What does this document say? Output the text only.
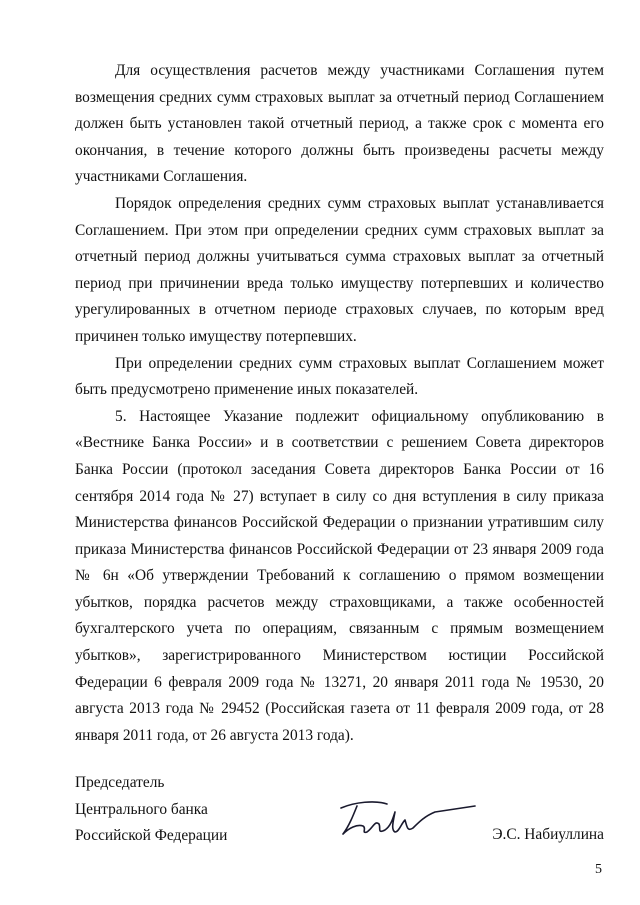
Для осуществления расчетов между участниками Соглашения путем возмещения средних сумм страховых выплат за отчетный период Соглашением должен быть установлен такой отчетный период, а также срок с момента его окончания, в течение которого должны быть произведены расчеты между участниками Соглашения.

Порядок определения средних сумм страховых выплат устанавливается Соглашением. При этом при определении средних сумм страховых выплат за отчетный период должны учитываться сумма страховых выплат за отчетный период при причинении вреда только имуществу потерпевших и количество урегулированных в отчетном периоде страховых случаев, по которым вред причинен только имуществу потерпевших.

При определении средних сумм страховых выплат Соглашением может быть предусмотрено применение иных показателей.

5. Настоящее Указание подлежит официальному опубликованию в «Вестнике Банка России» и в соответствии с решением Совета директоров Банка России (протокол заседания Совета директоров Банка России от 16 сентября 2014 года № 27) вступает в силу со дня вступления в силу приказа Министерства финансов Российской Федерации о признании утратившим силу приказа Министерства финансов Российской Федерации от 23 января 2009 года № 6н «Об утверждении Требований к соглашению о прямом возмещении убытков, порядка расчетов между страховщиками, а также особенностей бухгалтерского учета по операциям, связанным с прямым возмещением убытков», зарегистрированного Министерством юстиции Российской Федерации 6 февраля 2009 года № 13271, 20 января 2011 года № 19530, 20 августа 2013 года № 29452 (Российская газета от 11 февраля 2009 года, от 28 января 2011 года, от 26 августа 2013 года).

Председатель
Центрального банка
Российской Федерации	Э.С. Набиуллина
5
